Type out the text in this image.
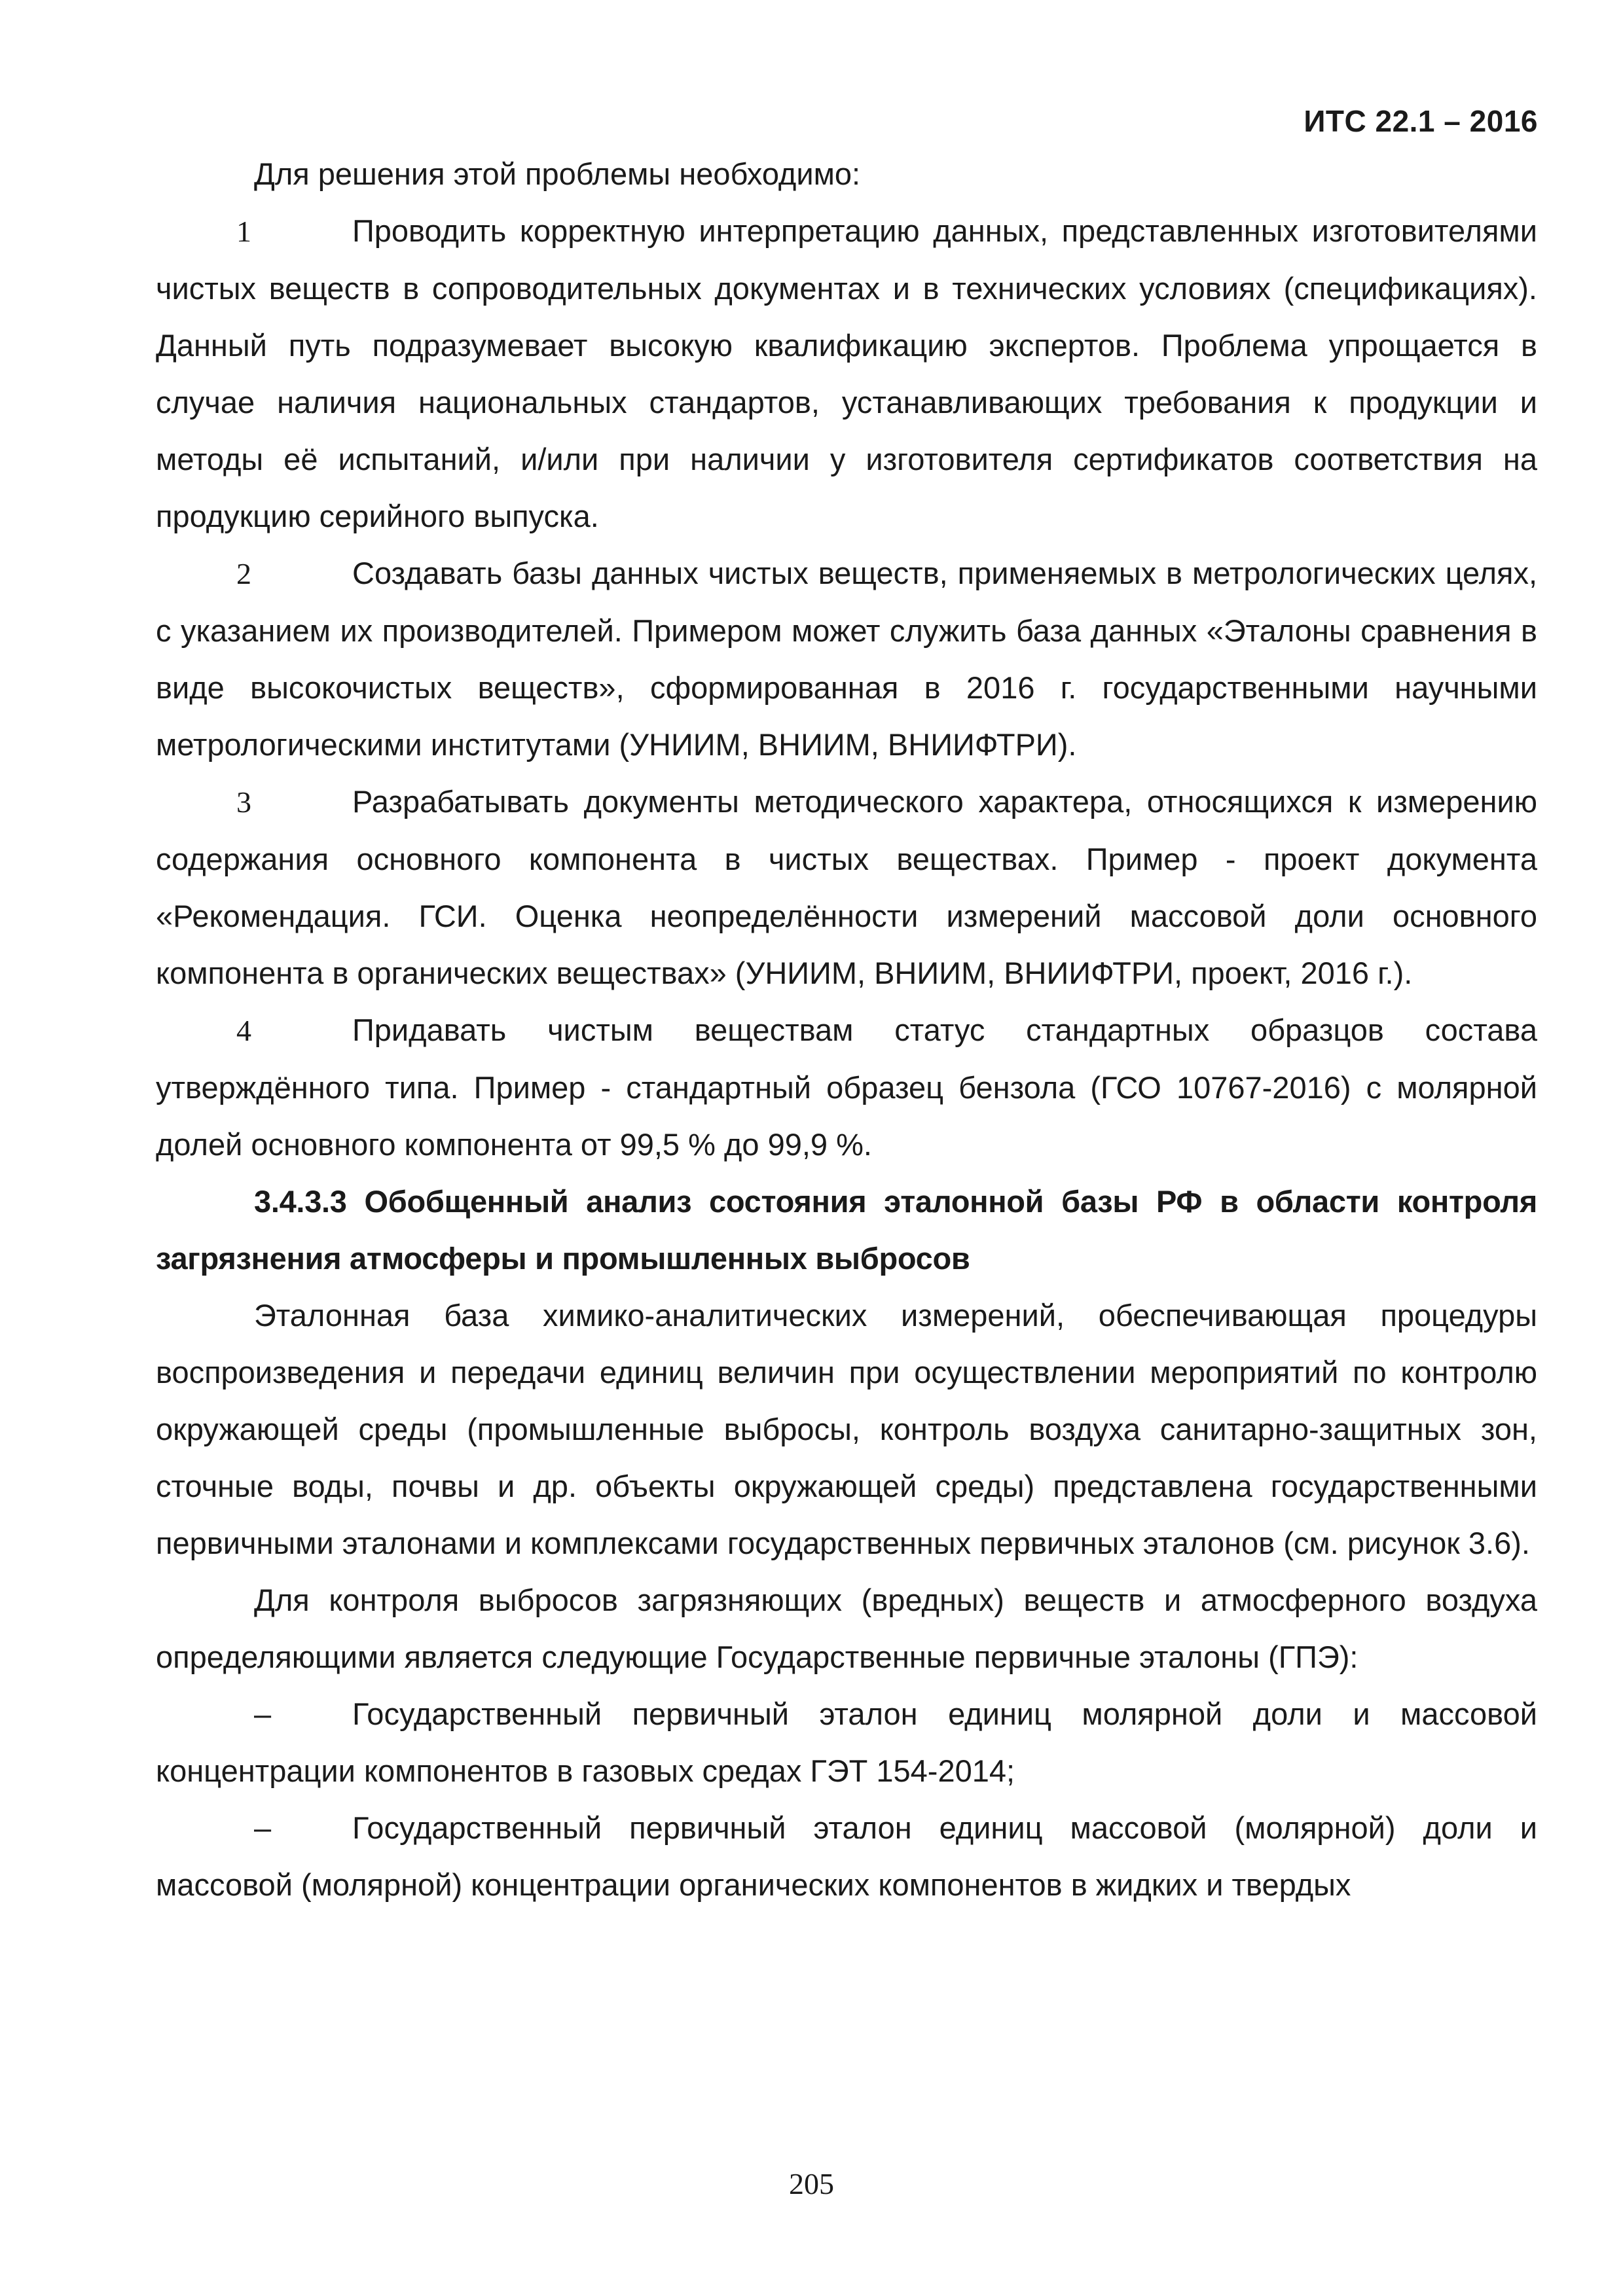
ИТС 22.1 – 2016

Для решения этой проблемы необходимо:

1	Проводить корректную интерпретацию данных, представленных изготовителями чистых веществ в сопроводительных документах и в технических условиях (спецификациях). Данный путь подразумевает высокую квалификацию экспертов. Проблема упрощается в случае наличия национальных стандартов, устанавливающих требования к продукции и методы её испытаний, и/или при наличии у изготовителя сертификатов соответствия на продукцию серийного выпуска.

2	Создавать базы данных чистых веществ, применяемых в метрологических целях, с указанием их производителей. Примером может служить база данных «Эталоны сравнения в виде высокочистых веществ», сформированная в 2016 г. государственными научными метрологическими институтами (УНИИМ, ВНИИМ, ВНИИФТРИ).

3	Разрабатывать документы методического характера, относящихся к измерению содержания основного компонента в чистых веществах. Пример - проект документа «Рекомендация. ГСИ. Оценка неопределённости измерений массовой доли основного компонента в органических веществах» (УНИИМ, ВНИИМ, ВНИИФТРИ, проект, 2016 г.).

4	Придавать чистым веществам статус стандартных образцов состава утверждённого типа. Пример - стандартный образец бензола (ГСО 10767-2016) с молярной долей основного компонента от 99,5 % до 99,9 %.

3.4.3.3 Обобщенный анализ состояния эталонной базы РФ в области контроля загрязнения атмосферы и промышленных выбросов

Эталонная база химико-аналитических измерений, обеспечивающая процедуры воспроизведения и передачи единиц величин при осуществлении мероприятий по контролю окружающей среды (промышленные выбросы, контроль воздуха санитарно-защитных зон, сточные воды, почвы и др. объекты окружающей среды) представлена государственными первичными эталонами и комплексами государственных первичных эталонов (см. рисунок 3.6).

Для контроля выбросов загрязняющих (вредных) веществ и атмосферного воздуха определяющими является следующие Государственные первичные эталоны (ГПЭ):

–	Государственный первичный эталон единиц молярной доли и массовой концентрации компонентов в газовых средах ГЭТ 154-2014;

–	Государственный первичный эталон единиц массовой (молярной) доли и массовой (молярной) концентрации органических компонентов в жидких и твердых

205
